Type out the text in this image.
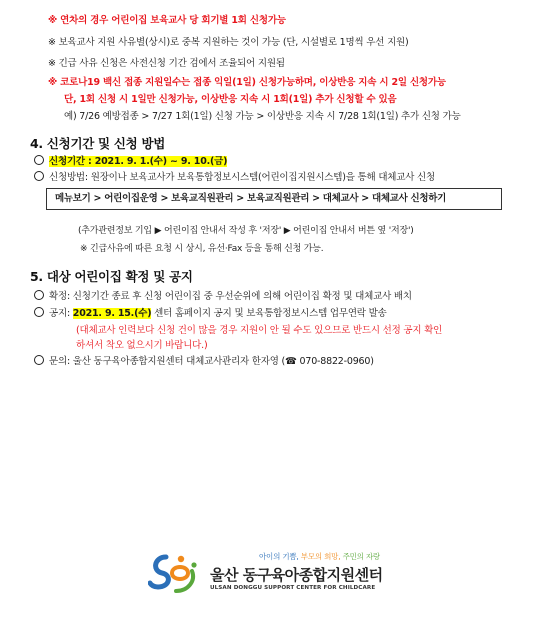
※ 연차의 경우 어린이집 보육교사 당 회기별 1회 신청가능
※ 보육교사 지원 사유별(상시)로 중복 지원하는 것이 가능 (단, 시설별로 1명씩 우선 지원)
※ 긴급 사유 신청은 사전신청 기간 검에서 조율되어 지원됨
※ 코로나19 백신 접종 지원일수는 접종 익일(1일) 신청가능하며, 이상반응 지속 시 2일 신청가능
단, 1회 신청 시 1일만 신청가능, 이상반응 지속 시 1회(1일) 추가 신청할 수 있음
예) 7/26 예방접종 > 7/27 1회(1일) 신청 가능 > 이상반응 지속 시 7/28 1회(1일) 추가 신청 가능
4. 신청기간 및 신청 방법
신청기간 : 2021. 9. 1.(수) ~ 9. 10.(금)
신청방법: 원장이나 보육교사가 보육통합정보시스템(어린이집지원시스템)을 통해 대체교사 신청
메뉴보기 > 어린이집운영 > 보육교직원관리 > 보육교직원관리 > 대체교사 > 대체교사 신청하기
(추가관련정보 기입 ▶ 어린이집 안내서 작성 후 '저장' ▶ 어린이집 안내서 버튼 옆 '저장')
※ 긴급사유에 따른 요청 시 상시, 유선·Fax 등을 통해 신청 가능.
5. 대상 어린이집 확정 및 공지
확정: 신청기간 종료 후 신청 어린이집 중 우선순위에 의해 어린이집 확정 및 대체교사 배치
공지: 2021. 9. 15.(수) 센터 홈페이지 공지 및 보육통합정보시스템 업무연락 발송
(대체교사 인력보다 신청 건이 많을 경우 지원이 안 될 수도 있으므로 반드시 선정 공지 확인
하셔서 착오 없으시기 바랍니다.)
문의: 울산 동구육아종합지원센터 대체교사관리자 한자영 (☎ 070-8822-0960)
아이의 기쁨, 부모의 희망, 주민의 자랑
울산 동구육아종합지원센터
ULSAN DONGGU SUPPORT CENTER FOR CHILDCARE
